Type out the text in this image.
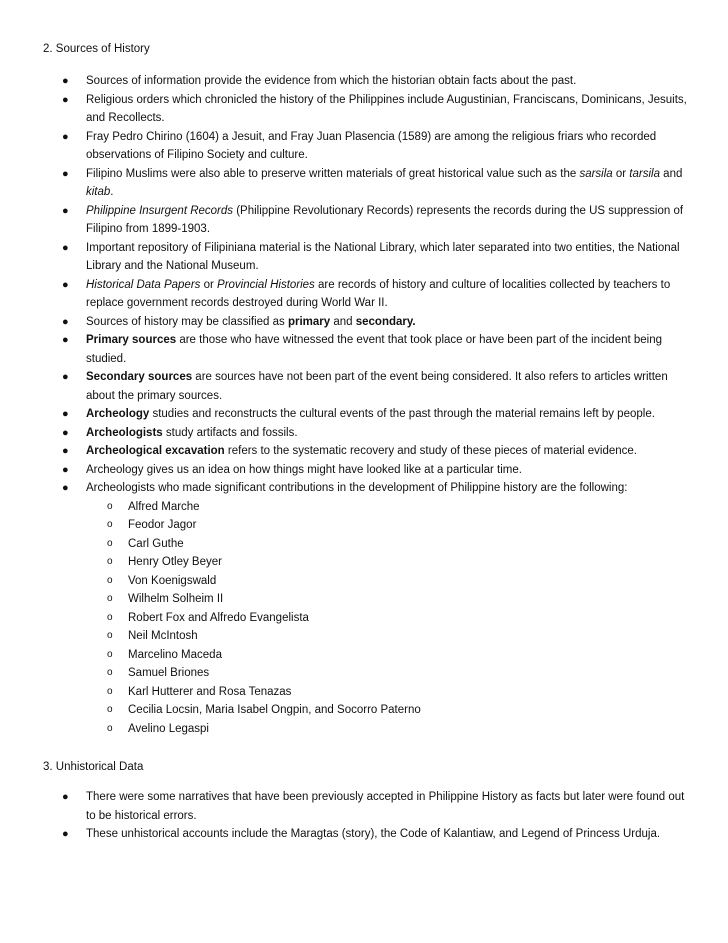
2. Sources of History
● Sources of information provide the evidence from which the historian obtain facts about the past.
● Religious orders which chronicled the history of the Philippines include Augustinian, Franciscans, Dominicans, Jesuits, and Recollects.
● Fray Pedro Chirino (1604) a Jesuit, and Fray Juan Plasencia (1589) are among the religious friars who recorded observations of Filipino Society and culture.
● Filipino Muslims were also able to preserve written materials of great historical value such as the sarsila or tarsila and kitab.
● Philippine Insurgent Records (Philippine Revolutionary Records) represents the records during the US suppression of Filipino from 1899-1903.
● Important repository of Filipiniana material is the National Library, which later separated into two entities, the National Library and the National Museum.
● Historical Data Papers or Provincial Histories are records of history and culture of localities collected by teachers to replace government records destroyed during World War II.
● Sources of history may be classified as primary and secondary.
● Primary sources are those who have witnessed the event that took place or have been part of the incident being studied.
● Secondary sources are sources have not been part of the event being considered. It also refers to articles written about the primary sources.
● Archeology studies and reconstructs the cultural events of the past through the material remains left by people.
● Archeologists study artifacts and fossils.
● Archeological excavation refers to the systematic recovery and study of these pieces of material evidence.
● Archeology gives us an idea on how things might have looked like at a particular time.
● Archeologists who made significant contributions in the development of Philippine history are the following:
o Alfred Marche
o Feodor Jagor
o Carl Guthe
o Henry Otley Beyer
o Von Koenigswald
o Wilhelm Solheim II
o Robert Fox and Alfredo Evangelista
o Neil McIntosh
o Marcelino Maceda
o Samuel Briones
o Karl Hutterer and Rosa Tenazas
o Cecilia Locsin, Maria Isabel Ongpin, and Socorro Paterno
o Avelino Legaspi
3. Unhistorical Data
● There were some narratives that have been previously accepted in Philippine History as facts but later were found out to be historical errors.
● These unhistorical accounts include the Maragtas (story), the Code of Kalantiaw, and Legend of Princess Urduja.
